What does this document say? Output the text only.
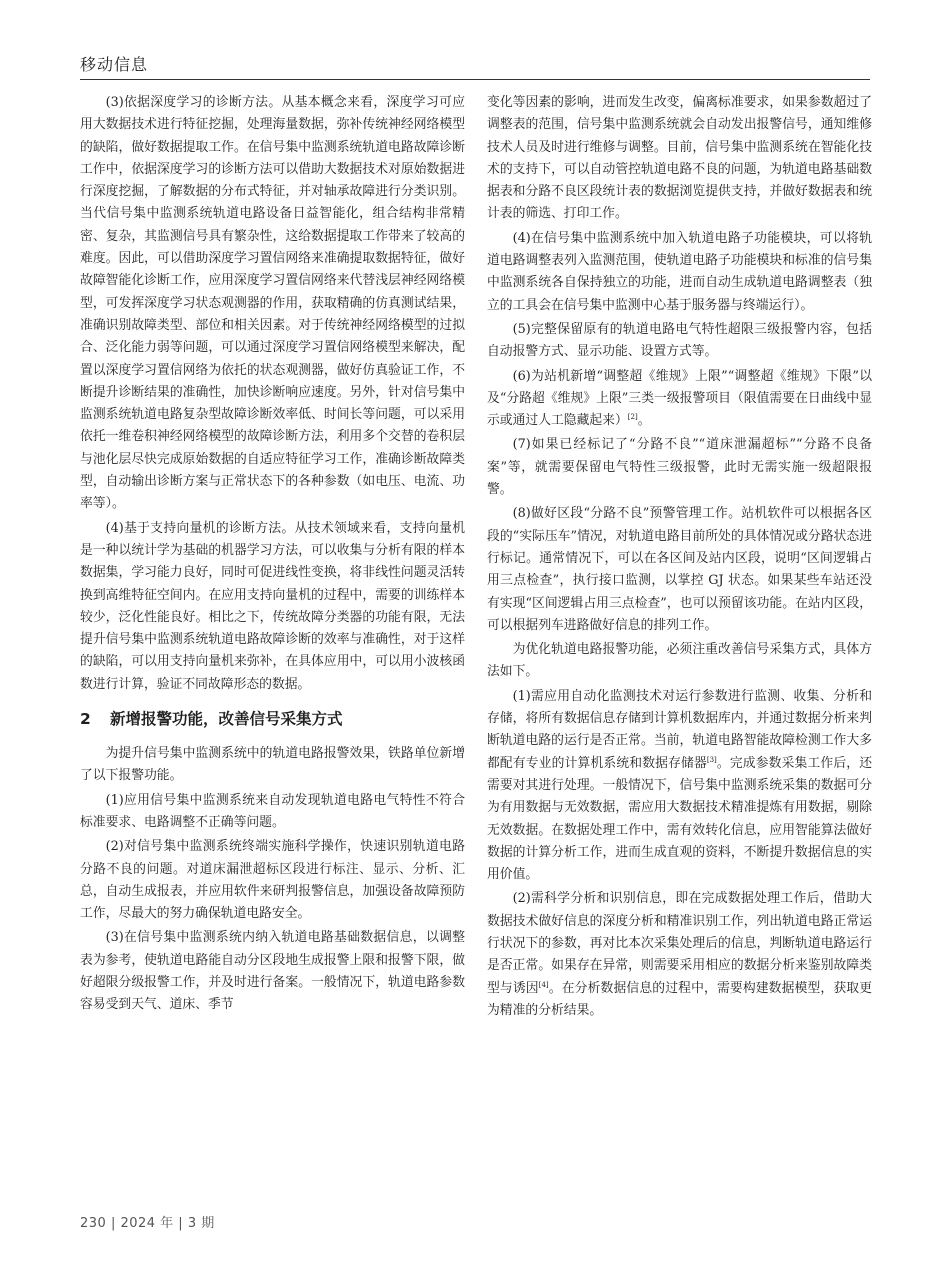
移动信息

(3)依据深度学习的诊断方法。从基本概念来看，深度学习可应用大数据技术进行特征挖掘，处理海量数据，弥补传统神经网络模型的缺陷，做好数据提取工作。在信号集中监测系统轨道电路故障诊断工作中，依据深度学习的诊断方法可以借助大数据技术对原始数据进行深度挖掘，了解数据的分布式特征，并对轴承故障进行分类识别。当代信号集中监测系统轨道电路设备日益智能化，组合结构非常精密、复杂，其监测信号具有繁杂性，这给数据提取工作带来了较高的难度。因此，可以借助深度学习置信网络来准确提取数据特征，做好故障智能化诊断工作，应用深度学习置信网络来代替浅层神经网络模型，可发挥深度学习状态观测器的作用，获取精确的仿真测试结果，准确识别故障类型、部位和相关因素。对于传统神经网络模型的过拟合、泛化能力弱等问题，可以通过深度学习置信网络模型来解决，配置以深度学习置信网络为依托的状态观测器，做好仿真验证工作，不断提升诊断结果的准确性，加快诊断响应速度。另外，针对信号集中监测系统轨道电路复杂型故障诊断效率低、时间长等问题，可以采用依托一维卷积神经网络模型的故障诊断方法，利用多个交替的卷积层与池化层尽快完成原始数据的自适应特征学习工作，准确诊断故障类型，自动输出诊断方案与正常状态下的各种参数（如电压、电流、功率等）。

(4)基于支持向量机的诊断方法。从技术领域来看，支持向量机是一种以统计学为基础的机器学习方法，可以收集与分析有限的样本数据集，学习能力良好，同时可促进线性变换，将非线性问题灵活转换到高维特征空间内。在应用支持向量机的过程中，需要的训练样本较少，泛化性能良好。相比之下，传统故障分类器的功能有限，无法提升信号集中监测系统轨道电路故障诊断的效率与准确性，对于这样的缺陷，可以用支持向量机来弥补，在具体应用中，可以用小波核函数进行计算，验证不同故障形态的数据。

2 新增报警功能，改善信号采集方式

为提升信号集中监测系统中的轨道电路报警效果，铁路单位新增了以下报警功能。

(1)应用信号集中监测系统来自动发现轨道电路电气特性不符合标准要求、电路调整不正确等问题。

(2)对信号集中监测系统终端实施科学操作，快速识别轨道电路分路不良的问题。对道床漏泄超标区段进行标注、显示、分析、汇总，自动生成报表，并应用软件来研判报警信息，加强设备故障预防工作，尽最大的努力确保轨道电路安全。

(3)在信号集中监测系统内纳入轨道电路基础数据信息，以调整表为参考，使轨道电路能自动分区段地生成报警上限和报警下限，做好超限分级报警工作，并及时进行备案。一般情况下，轨道电路参数容易受到天气、道床、季节

变化等因素的影响，进而发生改变，偏离标准要求，如果参数超过了调整表的范围，信号集中监测系统就会自动发出报警信号，通知维修技术人员及时进行维修与调整。目前，信号集中监测系统在智能化技术的支持下，可以自动管控轨道电路不良的问题，为轨道电路基础数据表和分路不良区段统计表的数据浏览提供支持，并做好数据表和统计表的筛选、打印工作。

(4)在信号集中监测系统中加入轨道电路子功能模块，可以将轨道电路调整表列入监测范围，使轨道电路子功能模块和标准的信号集中监测系统各自保持独立的功能，进而自动生成轨道电路调整表（独立的工具会在信号集中监测中心基于服务器与终端运行）。

(5)完整保留原有的轨道电路电气特性超限三级报警内容，包括自动报警方式、显示功能、设置方式等。

(6)为站机新增“调整超《维规》上限”“调整超《维规》下限”以及“分路超《维规》上限”三类一级报警项目（限值需要在日曲线中显示或通过人工隐藏起来）[2]。

(7)如果已经标记了“分路不良”“道床泄漏超标”“分路不良备案”等，就需要保留电气特性三级报警，此时无需实施一级超限报警。

(8)做好区段“分路不良”预警管理工作。站机软件可以根据各区段的“实际压车”情况，对轨道电路目前所处的具体情况或分路状态进行标记。通常情况下，可以在各区间及站内区段，说明“区间逻辑占用三点检查”，执行接口监测，以掌控 GJ 状态。如果某些车站还没有实现“区间逻辑占用三点检查”，也可以预留该功能。在站内区段，可以根据列车进路做好信息的排列工作。

为优化轨道电路报警功能，必须注重改善信号采集方式，具体方法如下。

(1)需应用自动化监测技术对运行参数进行监测、收集、分析和存储，将所有数据信息存储到计算机数据库内，并通过数据分析来判断轨道电路的运行是否正常。当前，轨道电路智能故障检测工作大多都配有专业的计算机系统和数据存储器[3]。完成参数采集工作后，还需要对其进行处理。一般情况下，信号集中监测系统采集的数据可分为有用数据与无效数据，需应用大数据技术精准提炼有用数据，剔除无效数据。在数据处理工作中，需有效转化信息，应用智能算法做好数据的计算分析工作，进而生成直观的资料，不断提升数据信息的实用价值。

(2)需科学分析和识别信息，即在完成数据处理工作后，借助大数据技术做好信息的深度分析和精准识别工作，列出轨道电路正常运行状况下的参数，再对比本次采集处理后的信息，判断轨道电路运行是否正常。如果存在异常，则需要采用相应的数据分析来鉴别故障类型与诱因[4]。在分析数据信息的过程中，需要构建数据模型，获取更为精准的分析结果。

230 | 2024 年 | 3 期
